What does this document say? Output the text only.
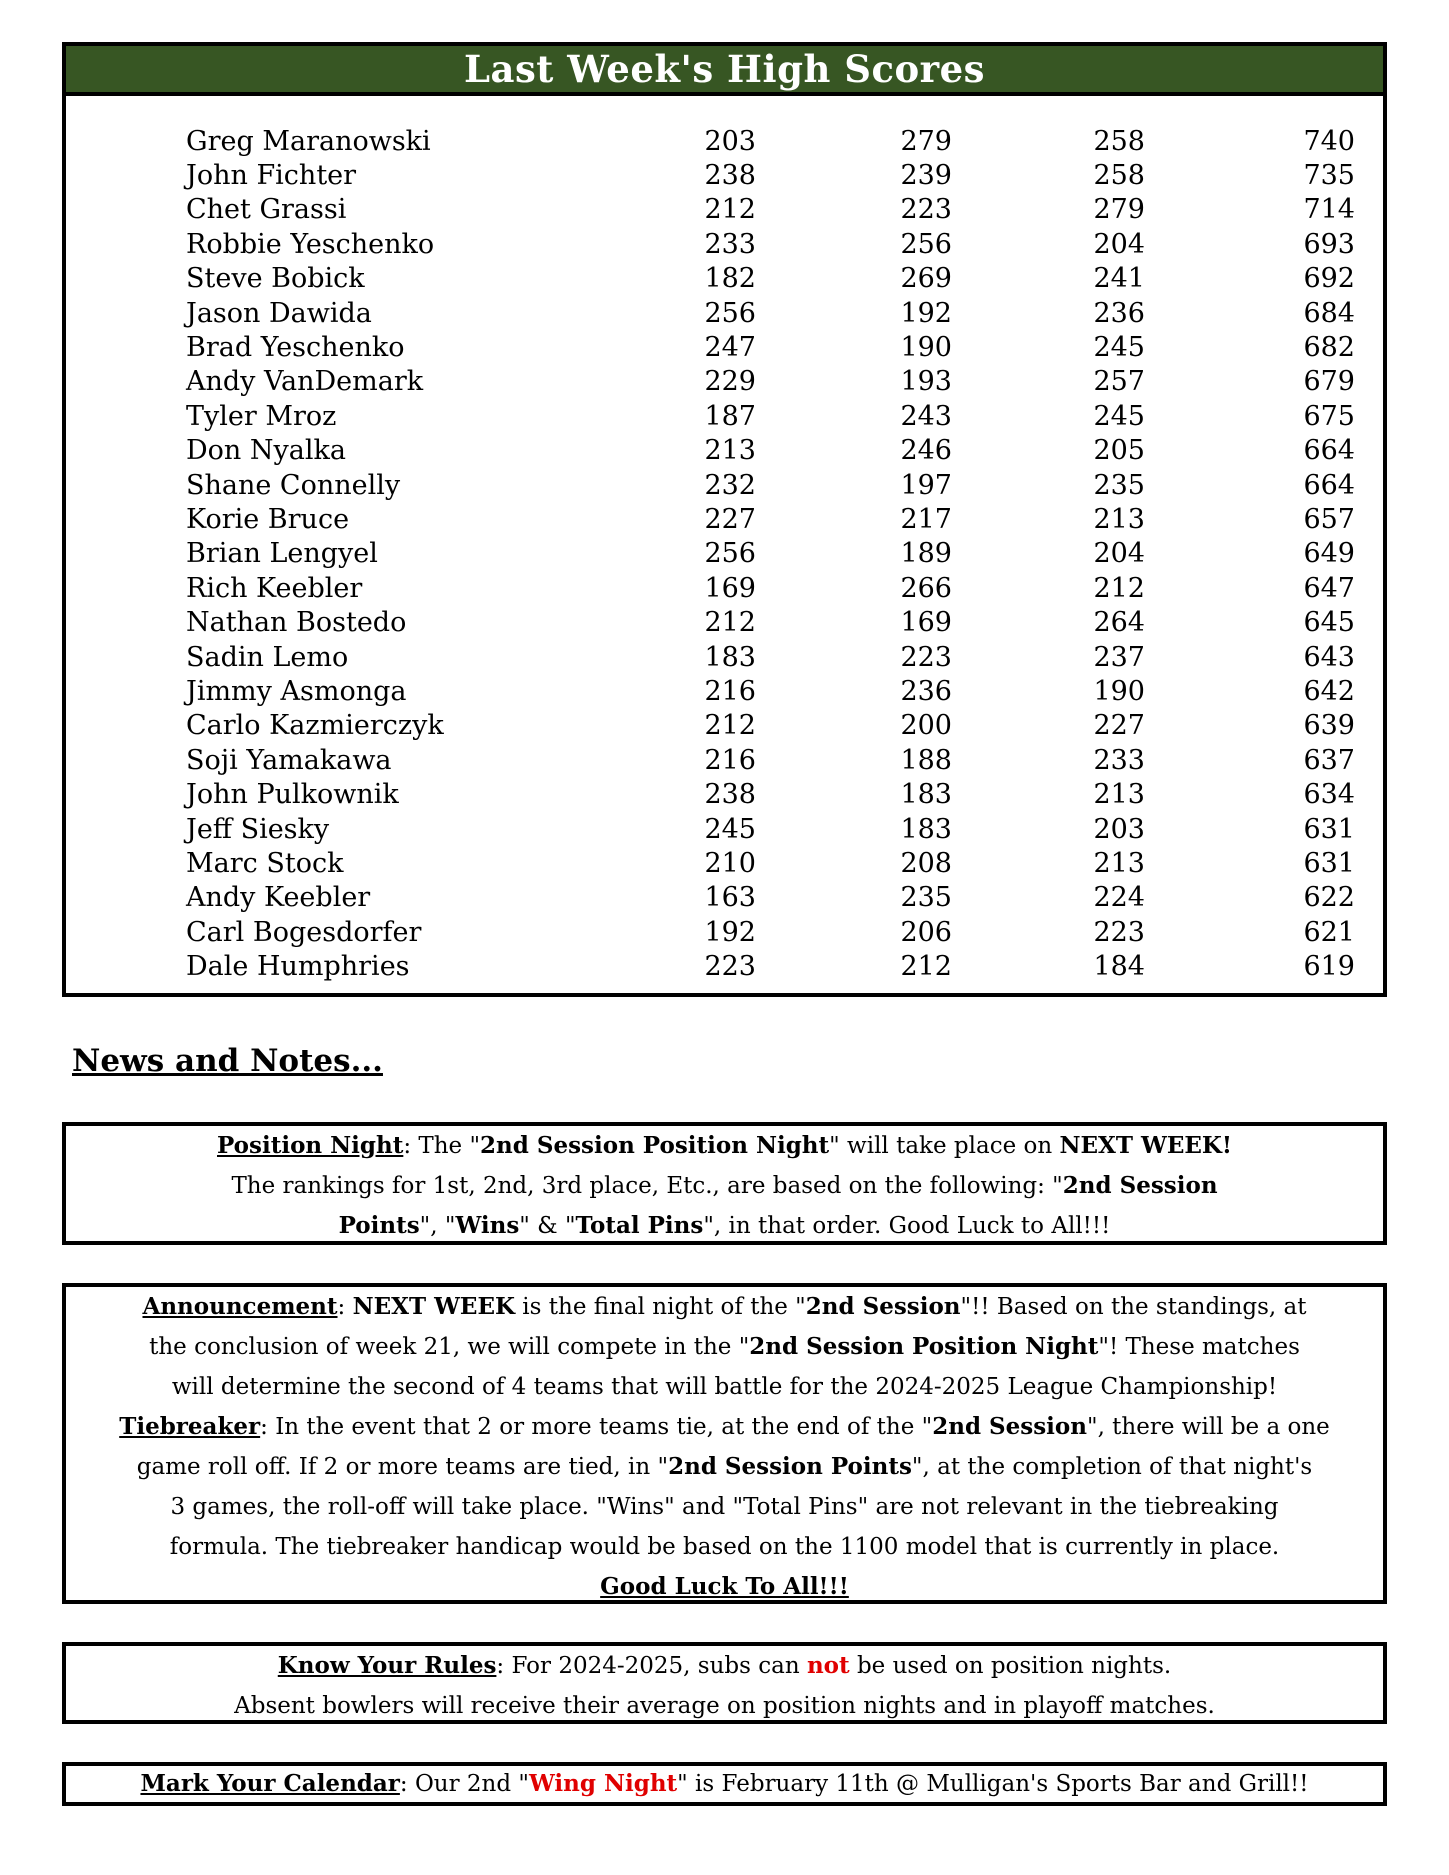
Last Week's High Scores
Greg Maranowski	203	279	258	740
John Fichter	238	239	258	735
Chet Grassi	212	223	279	714
Robbie Yeschenko	233	256	204	693
Steve Bobick	182	269	241	692
Jason Dawida	256	192	236	684
Brad Yeschenko	247	190	245	682
Andy VanDemark	229	193	257	679
Tyler Mroz	187	243	245	675
Don Nyalka	213	246	205	664
Shane Connelly	232	197	235	664
Korie Bruce	227	217	213	657
Brian Lengyel	256	189	204	649
Rich Keebler	169	266	212	647
Nathan Bostedo	212	169	264	645
Sadin Lemo	183	223	237	643
Jimmy Asmonga	216	236	190	642
Carlo Kazmierczyk	212	200	227	639
Soji Yamakawa	216	188	233	637
John Pulkownik	238	183	213	634
Jeff Siesky	245	183	203	631
Marc Stock	210	208	213	631
Andy Keebler	163	235	224	622
Carl Bogesdorfer	192	206	223	621
Dale Humphries	223	212	184	619
News and Notes...
Position Night: The "2nd Session Position Night" will take place on NEXT WEEK!
The rankings for 1st, 2nd, 3rd place, Etc., are based on the following: "2nd Session
Points", "Wins" & "Total Pins", in that order. Good Luck to All!!!
Announcement: NEXT WEEK is the final night of the "2nd Session"!! Based on the standings, at
the conclusion of week 21, we will compete in the "2nd Session Position Night"! These matches
will determine the second of 4 teams that will battle for the 2024-2025 League Championship!
Tiebreaker: In the event that 2 or more teams tie, at the end of the "2nd Session", there will be a one
game roll off. If 2 or more teams are tied, in "2nd Session Points", at the completion of that night's
3 games, the roll-off will take place. "Wins" and "Total Pins" are not relevant in the tiebreaking
formula. The tiebreaker handicap would be based on the 1100 model that is currently in place.
Good Luck To All!!!
Know Your Rules: For 2024-2025, subs can not be used on position nights.
Absent bowlers will receive their average on position nights and in playoff matches.
Mark Your Calendar: Our 2nd "Wing Night" is February 11th @ Mulligan's Sports Bar and Grill!!
